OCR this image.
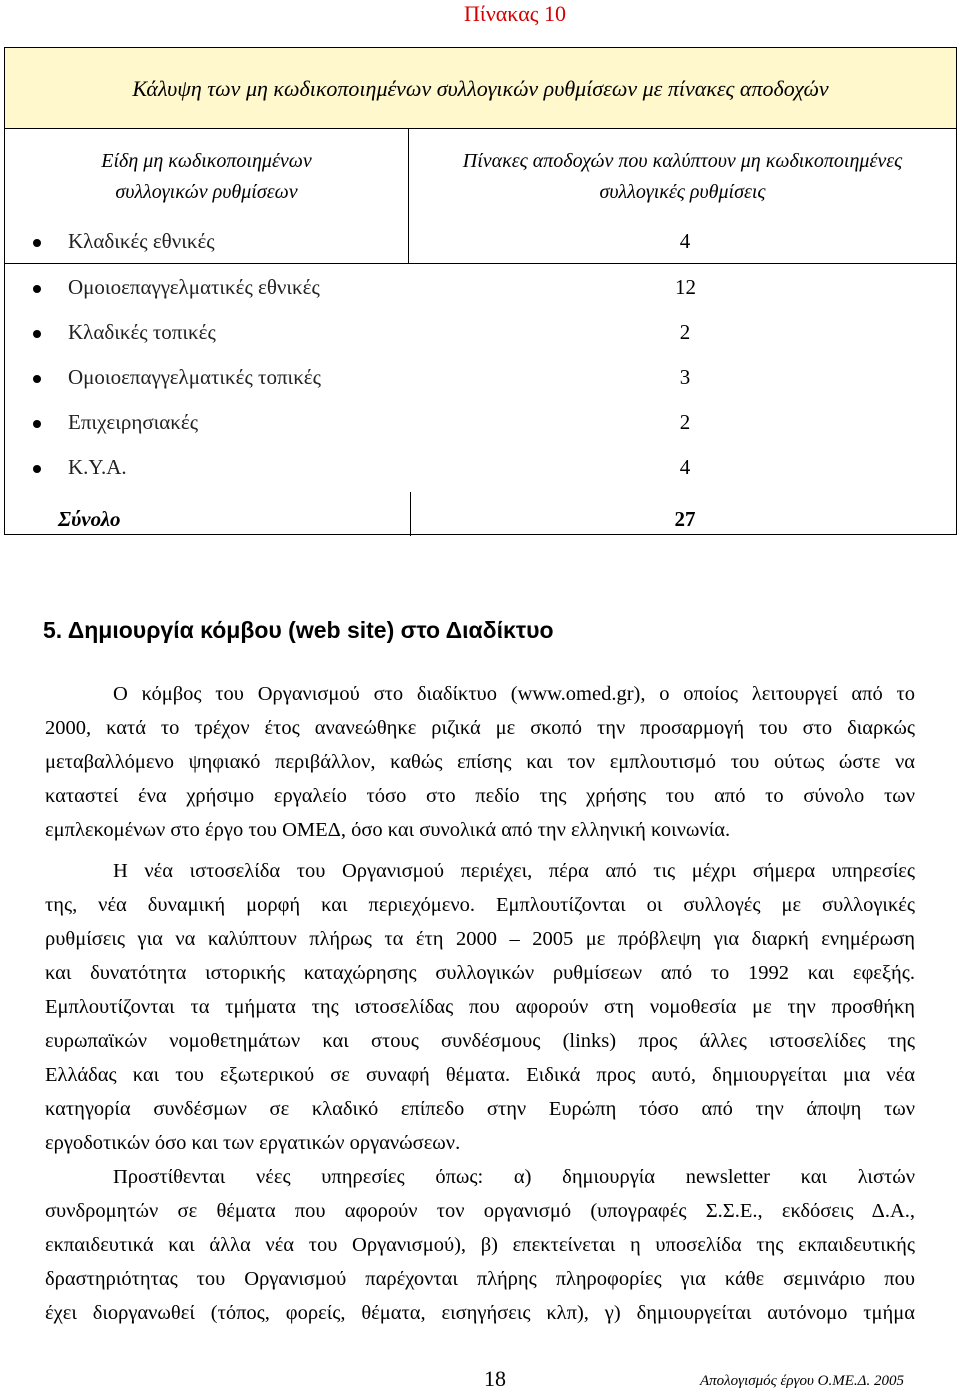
Πίνακας 10
Κάλυψη των μη κωδικοποιημένων συλλογικών ρυθμίσεων με πίνακες αποδοχών
Είδη μη κωδικοποιημένων
συλλογικών ρυθμίσεων
Πίνακες αποδοχών που καλύπτουν μη κωδικοποιημένες
συλλογικές ρυθμίσεις
Κλαδικές εθνικές	4
Ομοιοεπαγγελματικές εθνικές	12
Κλαδικές τοπικές	2
Ομοιοεπαγγελματικές τοπικές	3
Επιχειρησιακές	2
Κ.Υ.Α.	4
Σύνολο	27
5. Δημιουργία κόμβου (web site) στο Διαδίκτυο
Ο κόμβος του Οργανισμού στο διαδίκτυο (www.omed.gr), ο οποίος λειτουργεί από το
2000, κατά το τρέχον έτος ανανεώθηκε ριζικά με σκοπό την προσαρμογή του στο διαρκώς
μεταβαλλόμενο ψηφιακό περιβάλλον, καθώς επίσης και τον εμπλουτισμό του ούτως ώστε να
καταστεί ένα χρήσιμο εργαλείο τόσο στο πεδίο της χρήσης του από το σύνολο των
εμπλεκομένων στο έργο του ΟΜΕΔ, όσο και συνολικά από την ελληνική κοινωνία.
Η νέα ιστοσελίδα του Οργανισμού περιέχει, πέρα από τις μέχρι σήμερα υπηρεσίες
της, νέα δυναμική μορφή και περιεχόμενο. Εμπλουτίζονται οι συλλογές με συλλογικές
ρυθμίσεις για να καλύπτουν πλήρως τα έτη 2000 – 2005 με πρόβλεψη για διαρκή ενημέρωση
και δυνατότητα ιστορικής καταχώρησης συλλογικών ρυθμίσεων από το 1992 και εφεξής.
Εμπλουτίζονται τα τμήματα της ιστοσελίδας που αφορούν στη νομοθεσία με την προσθήκη
ευρωπαϊκών νομοθετημάτων και στους συνδέσμους (links) προς άλλες ιστοσελίδες της
Ελλάδας και του εξωτερικού σε συναφή θέματα. Ειδικά προς αυτό, δημιουργείται μια νέα
κατηγορία συνδέσμων σε κλαδικό επίπεδο στην Ευρώπη τόσο από την άποψη των
εργοδοτικών όσο και των εργατικών οργανώσεων.
Προστίθενται νέες υπηρεσίες όπως: α) δημιουργία newsletter και λιστών
συνδρομητών σε θέματα που αφορούν τον οργανισμό (υπογραφές Σ.Σ.Ε., εκδόσεις Δ.Α.,
εκπαιδευτικά και άλλα νέα του Οργανισμού), β) επεκτείνεται η υποσελίδα της εκπαιδευτικής
δραστηριότητας του Οργανισμού παρέχονται πλήρης πληροφορίες για κάθε σεμινάριο που
έχει διοργανωθεί (τόπος, φορείς, θέματα, εισηγήσεις κλπ), γ) δημιουργείται αυτόνομο τμήμα
18	Απολογισμός έργου Ο.ΜΕ.Δ. 2005
